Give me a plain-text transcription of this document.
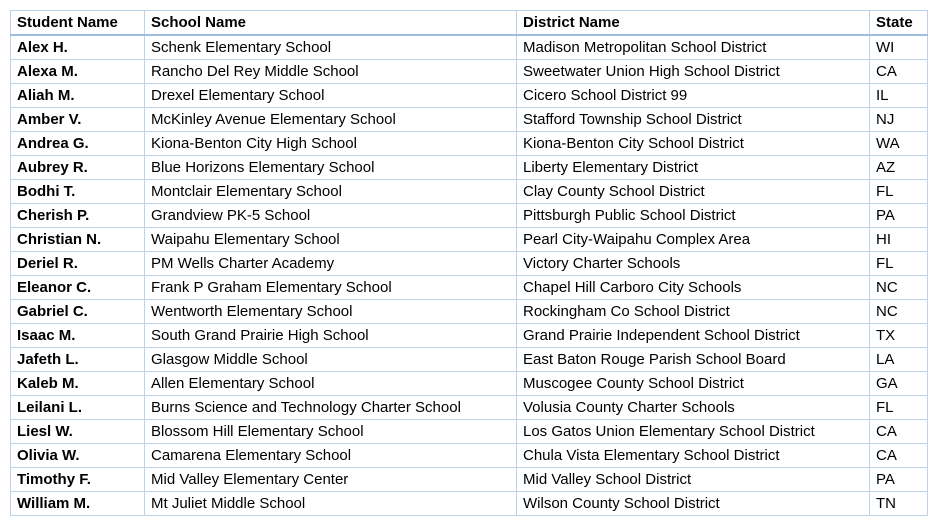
Student Name	School Name	District Name	State
Alex H.	Schenk Elementary School	Madison Metropolitan School District	WI
Alexa M.	Rancho Del Rey Middle School	Sweetwater Union High School District	CA
Aliah M.	Drexel Elementary School	Cicero School District 99	IL
Amber V.	McKinley Avenue Elementary School	Stafford Township School District	NJ
Andrea G.	Kiona-Benton City High School	Kiona-Benton City School District	WA
Aubrey R.	Blue Horizons Elementary School	Liberty Elementary District	AZ
Bodhi T.	Montclair Elementary School	Clay County School District	FL
Cherish P.	Grandview PK-5 School	Pittsburgh Public School District	PA
Christian N.	Waipahu Elementary School	Pearl City-Waipahu Complex Area	HI
Deriel R.	PM Wells Charter Academy	Victory Charter Schools	FL
Eleanor C.	Frank P Graham Elementary School	Chapel Hill Carboro City Schools	NC
Gabriel C.	Wentworth Elementary School	Rockingham Co School District	NC
Isaac M.	South Grand Prairie High School	Grand Prairie Independent School District	TX
Jafeth L.	Glasgow Middle School	East Baton Rouge Parish School Board	LA
Kaleb M.	Allen Elementary School	Muscogee County School District	GA
Leilani L.	Burns Science and Technology Charter School	Volusia County Charter Schools	FL
Liesl W.	Blossom Hill Elementary School	Los Gatos Union Elementary School District	CA
Olivia W.	Camarena Elementary School	Chula Vista Elementary School District	CA
Timothy F.	Mid Valley Elementary Center	Mid Valley School District	PA
William M.	Mt Juliet Middle School	Wilson County School District	TN
